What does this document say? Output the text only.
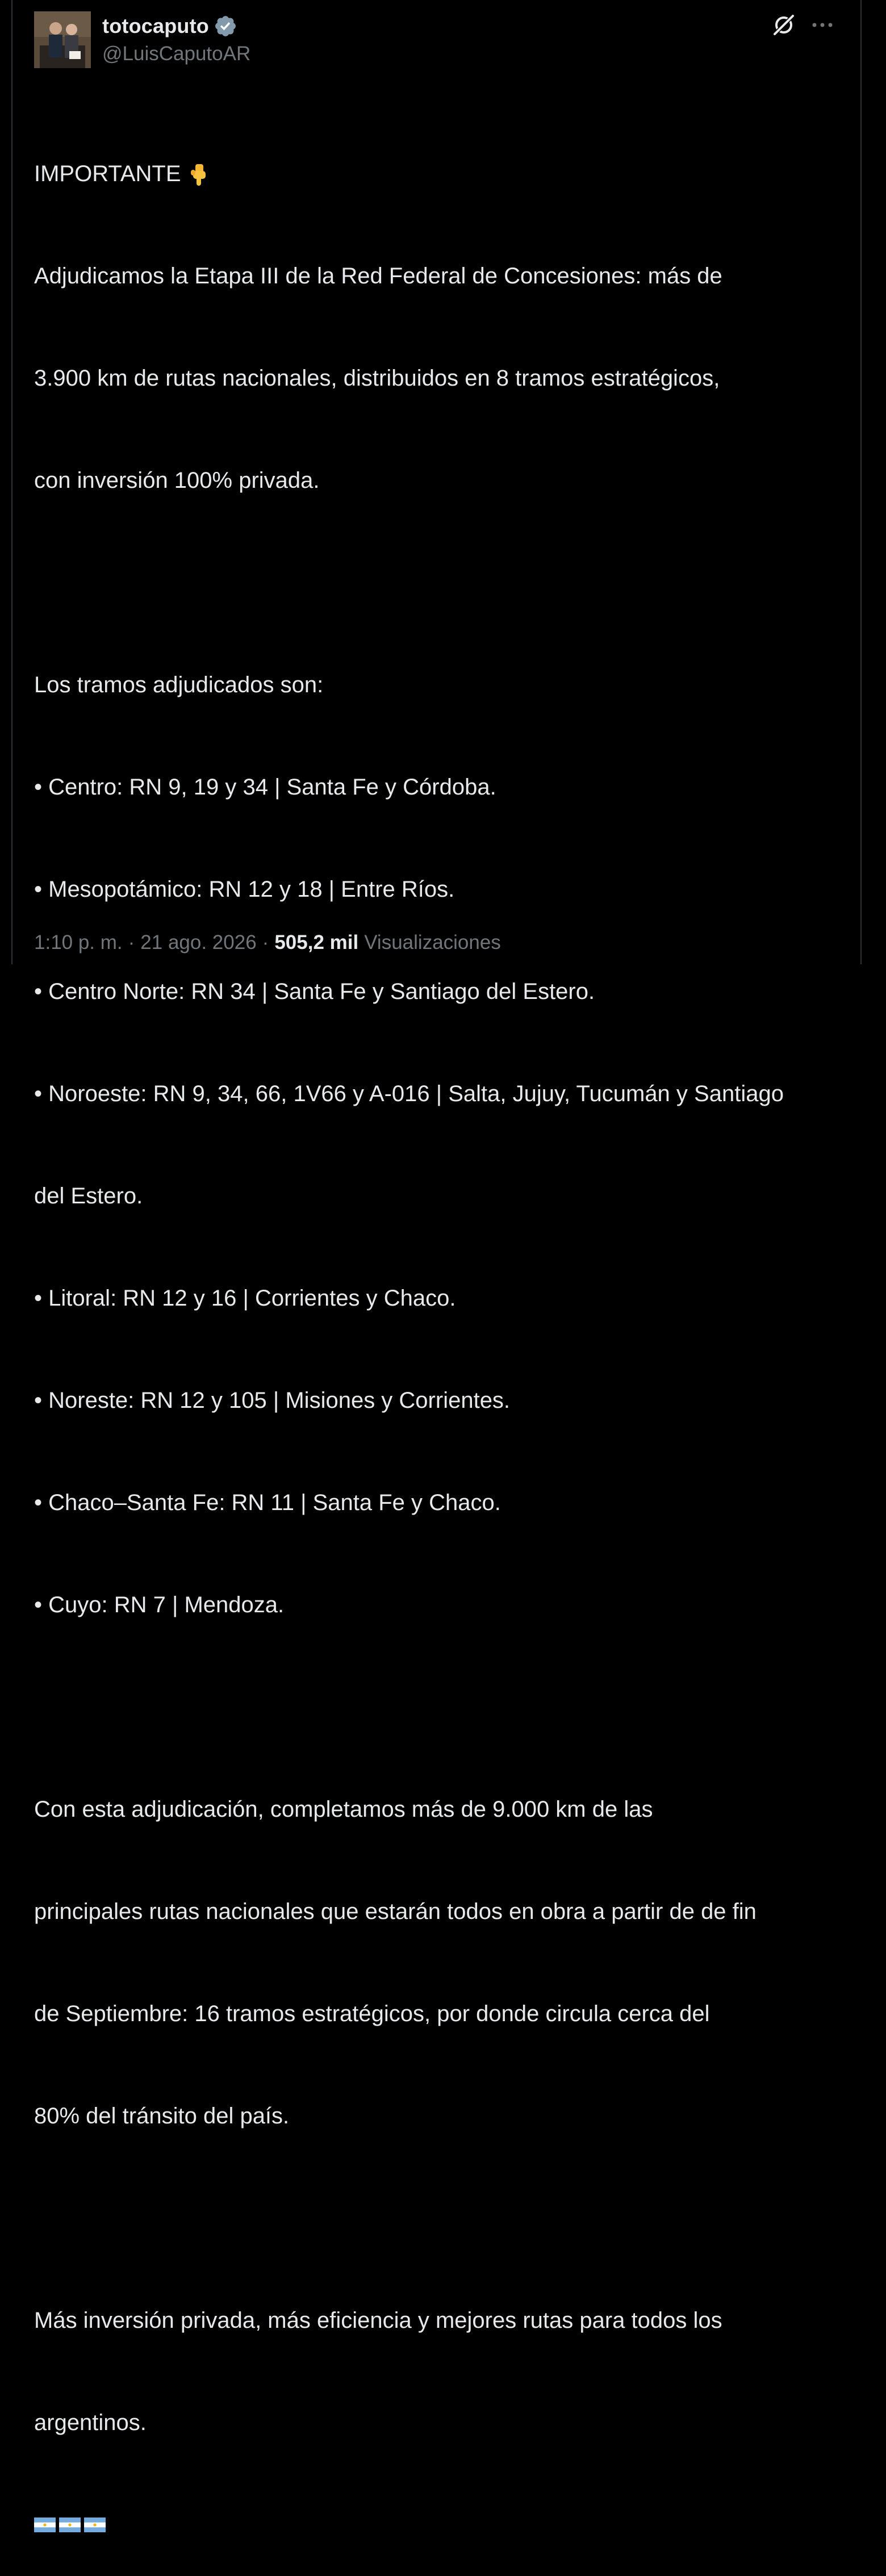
totocaputo
@LuisCaputoAR

IMPORTANTE

Adjudicamos la Etapa III de la Red Federal de Concesiones: más de

3.900 km de rutas nacionales, distribuidos en 8 tramos estratégicos,

con inversión 100% privada.

Los tramos adjudicados son:

• Centro: RN 9, 19 y 34 | Santa Fe y Córdoba.

• Mesopotámico: RN 12 y 18 | Entre Ríos.

• Centro Norte: RN 34 | Santa Fe y Santiago del Estero.

• Noroeste: RN 9, 34, 66, 1V66 y A-016 | Salta, Jujuy, Tucumán y Santiago

del Estero.

• Litoral: RN 12 y 16 | Corrientes y Chaco.

• Noreste: RN 12 y 105 | Misiones y Corrientes.

• Chaco–Santa Fe: RN 11 | Santa Fe y Chaco.

• Cuyo: RN 7 | Mendoza.

Con esta adjudicación, completamos más de 9.000 km de las

principales rutas nacionales que estarán todos en obra a partir de de fin

de Septiembre: 16 tramos estratégicos, por donde circula cerca del

80% del tránsito del país.

Más inversión privada, más eficiencia y mejores rutas para todos los

argentinos.

1:10 p. m. · 21 ago. 2026 · 505,2 mil Visualizaciones
